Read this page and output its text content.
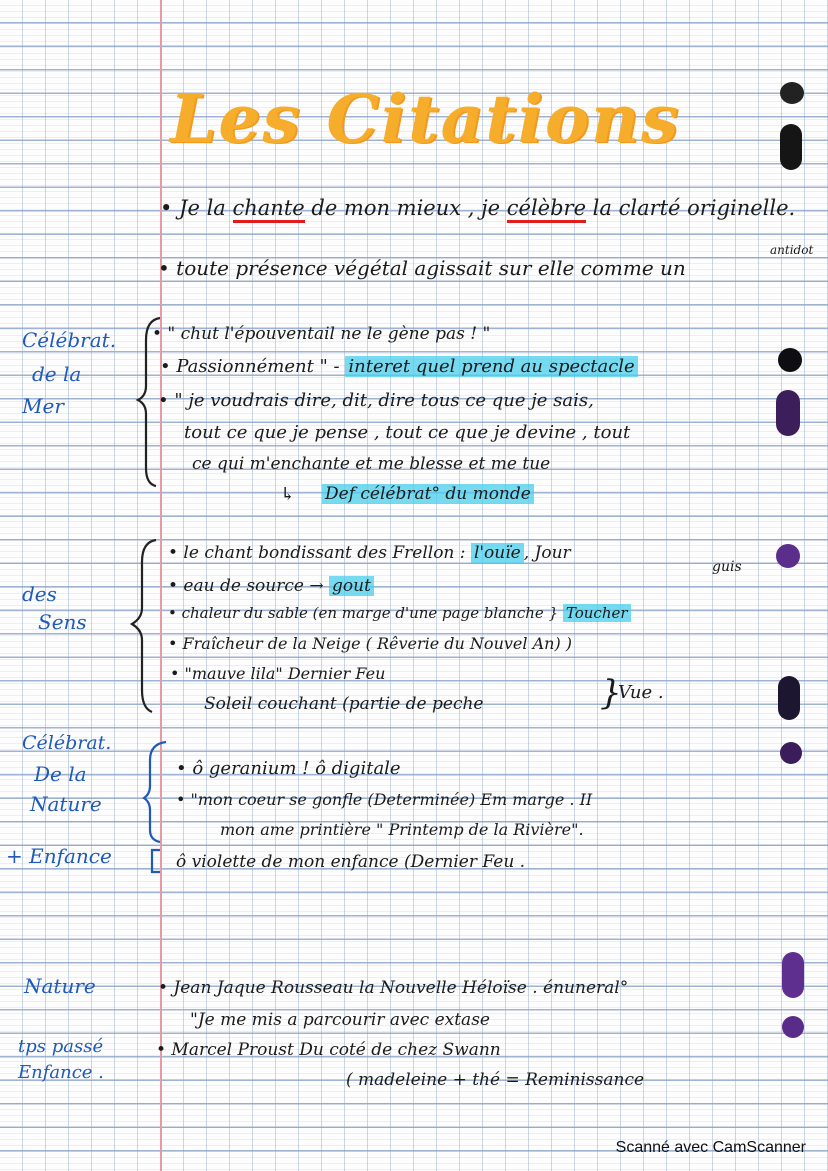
Les Citations
• Je la chante de mon mieux , je célèbre la clarté originelle.
• toute présence végétal agissait sur elle comme un
antidot
Célébrat.
de la
Mer
• " chut l'épouventail ne le gène pas ! "
• Passionnément " - interet quel prend au spectacle
• " je voudrais dire, dit, dire tous ce que je sais,
tout ce que je pense , tout ce que je devine , tout
ce qui m'enchante et me blesse et me tue
↳ Def célébrat° du monde
des
Sens
• le chant bondissant des Frellon : l'ouïe , Jour
guis
• eau de source → gout
• chaleur du sable (en marge d'une page blanche } Toucher
• Fraîcheur de la Neige ( Rêverie du Nouvel An) )
• "mauve lila" Dernier Feu
Soleil couchant (partie de peche	}
Vue .
Célébrat.
De la
Nature
• ô geranium ! ô digitale
• "mon coeur se gonfle (Determinée) Em marge . II
mon ame printière " Printemp de la Rivière".
+ Enfance	ô violette de mon enfance (Dernier Feu .
Nature	• Jean Jaque Rousseau la Nouvelle Héloïse . énuneral°
"Je me mis a parcourir avec extase
tps passé
Enfance .
• Marcel Proust Du coté de chez Swann
( madeleine + thé = Reminissance
Scanné avec CamScanner
